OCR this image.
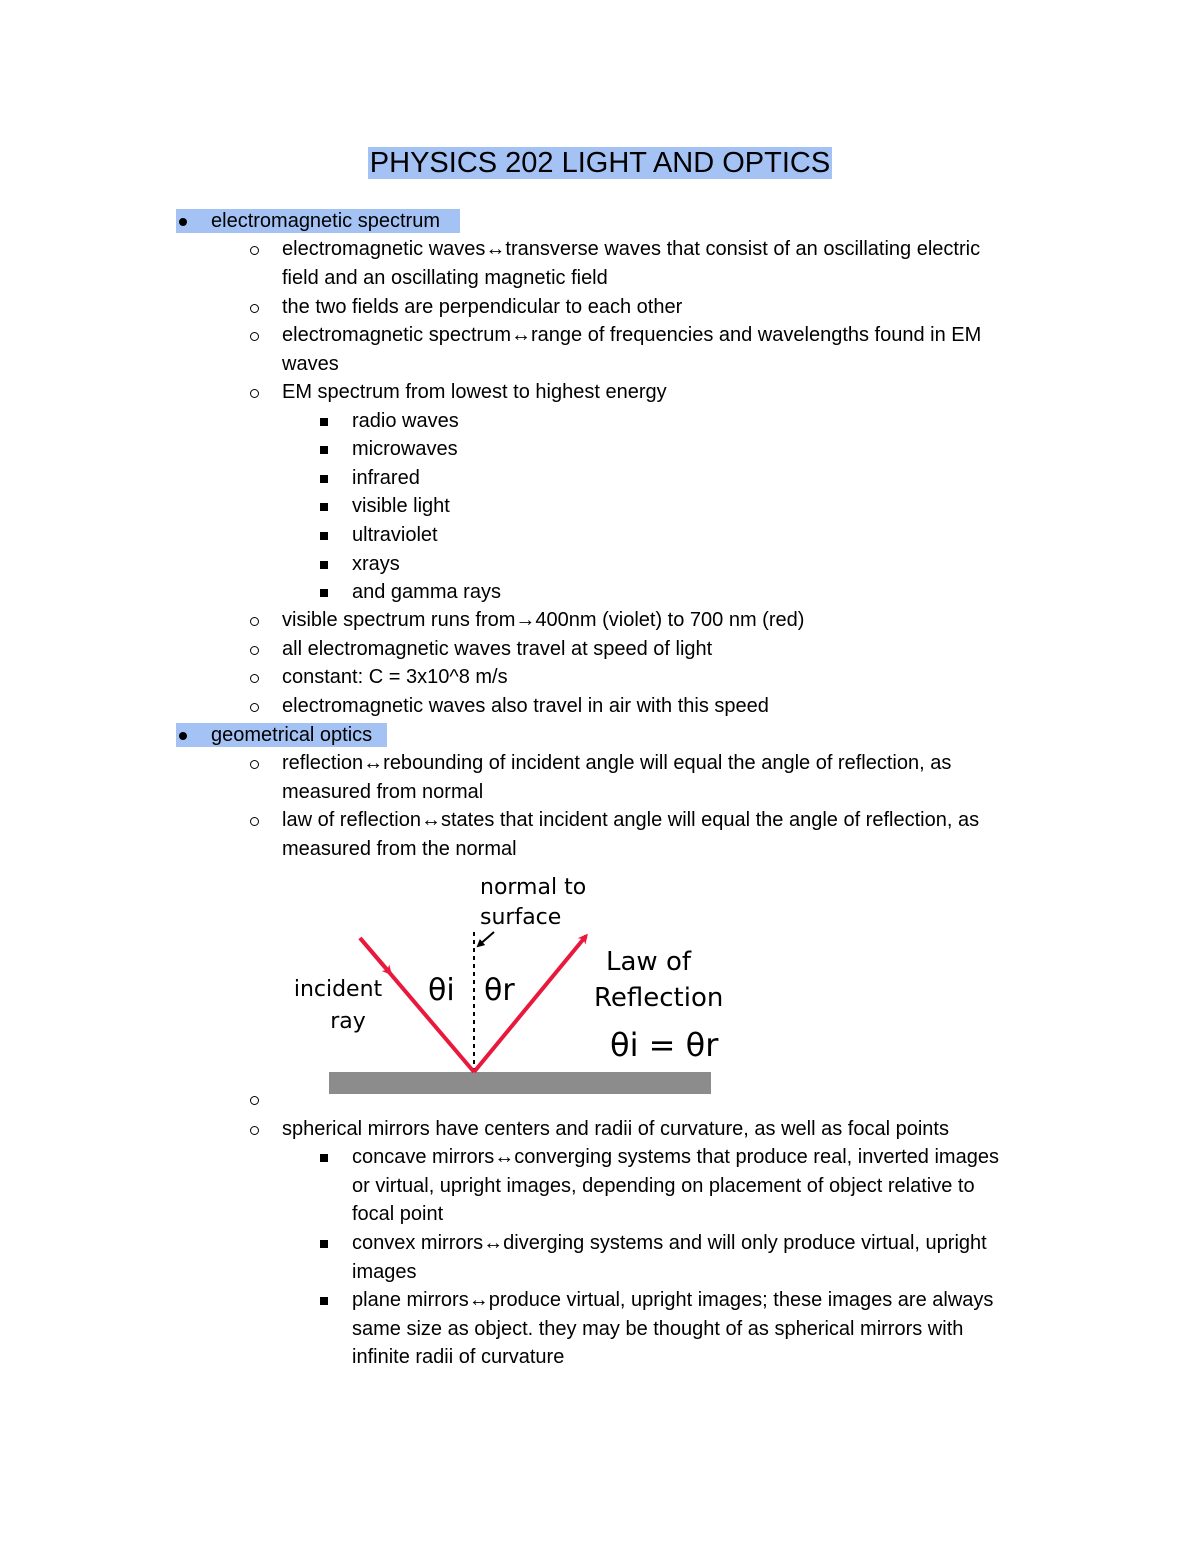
PHYSICS 202 LIGHT AND OPTICS
electromagnetic spectrum
electromagnetic waves↔transverse waves that consist of an oscillating electric
field and an oscillating magnetic field
the two fields are perpendicular to each other
electromagnetic spectrum↔range of frequencies and wavelengths found in EM
waves
EM spectrum from lowest to highest energy
radio waves
microwaves
infrared
visible light
ultraviolet
xrays
and gamma rays
visible spectrum runs from→400nm (violet) to 700 nm (red)
all electromagnetic waves travel at speed of light
constant: C = 3x10^8 m/s
electromagnetic waves also travel in air with this speed
geometrical optics
reflection↔rebounding of incident angle will equal the angle of reflection, as
measured from normal
law of reflection↔states that incident angle will equal the angle of reflection, as
measured from the normal
normal to
surface
incident
ray
θi θr
Law of
Reflection
θi = θr
spherical mirrors have centers and radii of curvature, as well as focal points
concave mirrors↔converging systems that produce real, inverted images
or virtual, upright images, depending on placement of object relative to
focal point
convex mirrors↔diverging systems and will only produce virtual, upright
images
plane mirrors↔produce virtual, upright images; these images are always
same size as object. they may be thought of as spherical mirrors with
infinite radii of curvature
